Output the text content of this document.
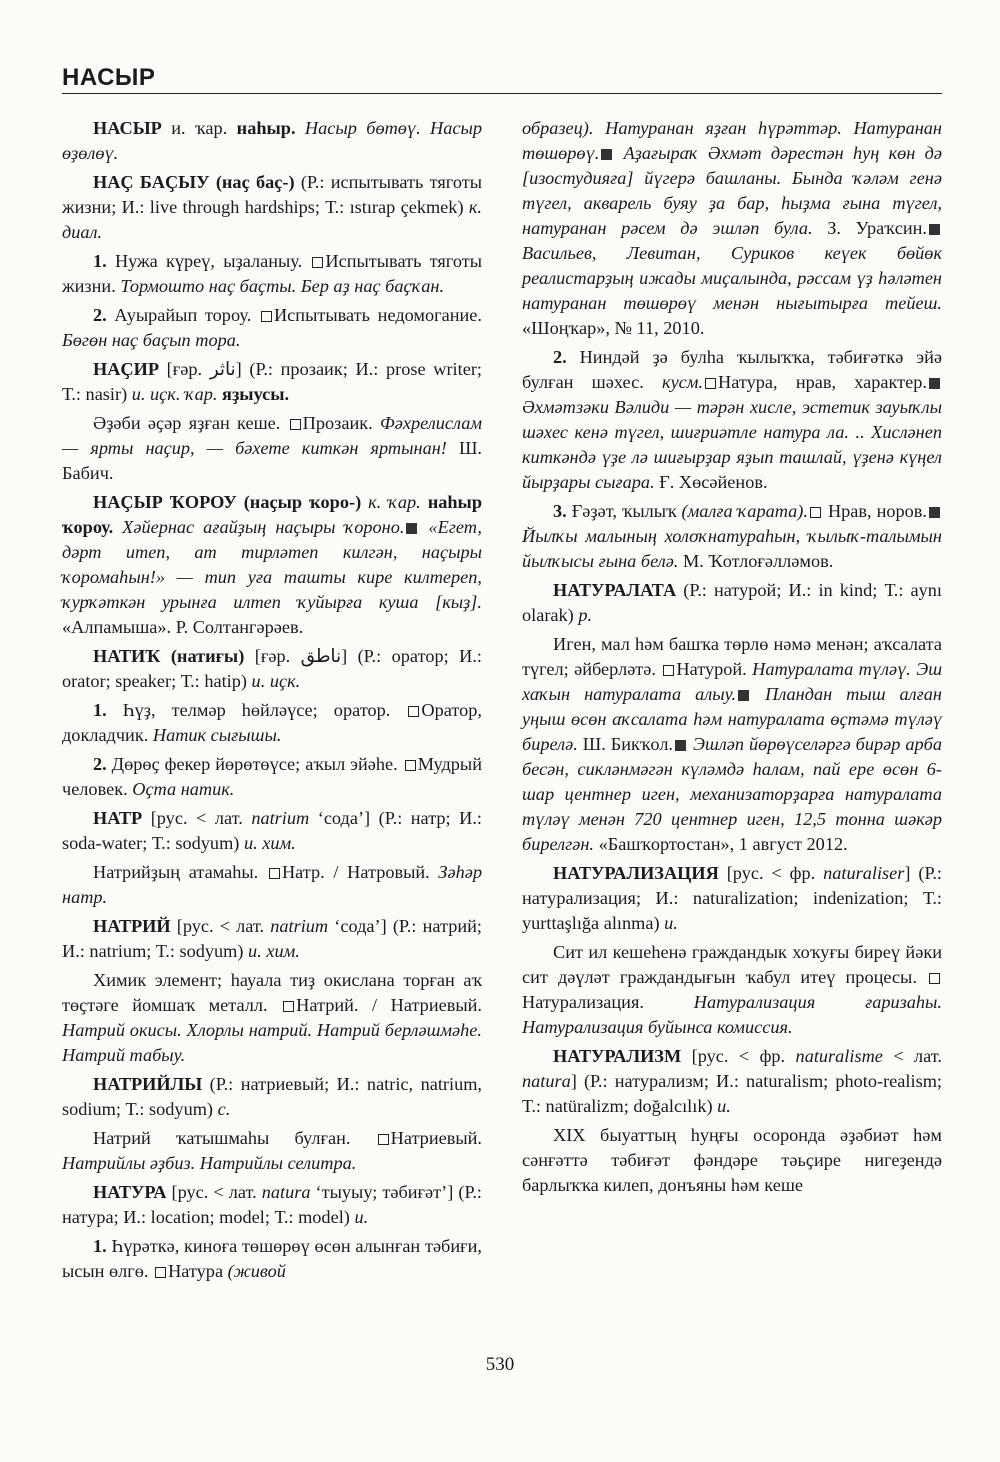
НАСЫР

НАСЫР и. ҡар. наһыр. Насыр бөтөү. Насыр өҙөлөү.

НАҪ БАҪЫУ (наҫ баҫ-) (Р.: испытывать тяготы жизни; И.: live through hardships; Т.: ıstırap çekmek) к. диал.

1. Нужа күреү, ыҙаланыу. Испытывать тяготы жизни. Тормошто наҫ баҫты. Бер аҙ наҫ баҫҡан.

2. Ауырайып тороу. Испытывать недомогание. Бөгөн наҫ баҫып тора.

НАҪИР [ғәр. ناثر] (Р.: прозаик; И.: prose writer; Т.: nasir) и. иҫк. ҡар. яҙыусы.

Әҙәби әҫәр яҙған кеше. Прозаик. Фәхрелислам — ярты наҫир, — бәхете киткән яртынан! Ш. Бабич.

НАҪЫР ҠОРОУ (наҫыр ҡоро-) к. ҡар. наһыр ҡороу. Хәйернас ағайҙың наҫыры ҡороно. «Егет, дәрт итеп, ат тирләтеп килгән, наҫыры ҡоромаһын!» — тип уға ташты кире килтереп, ҡурҡәткән урынға илтеп ҡуйырға куша [кыҙ]. «Алпамыша». Р. Солтангәрәев.

НАТИҠ (натиғы) [ғәр. ناطق] (Р.: оратор; И.: orator; speaker; Т.: hatip) и. иҫк.

1. Һүҙ, телмәр һөйләүсе; оратор. Оратор, докладчик. Натик сығышы.

2. Дөрөҫ фекер йөрөтөүсе; аҡыл эйәһе. Мудрый человек. Оҫта натик.

НАТР [рус. < лат. natrium ‘сода’] (Р.: натр; И.: soda-water; Т.: sodyum) и. хим.

Натрийҙың атамаһы. Натр. / Натровый. Зәһәр натр.

НАТРИЙ [рус. < лат. natrium ‘сода’] (Р.: натрий; И.: natrium; Т.: sodyum) и. хим.

Химик элемент; һауала тиҙ окислана торған аҡ төҫтәге йомшаҡ металл. Натрий. / Натриевый. Натрий окисы. Хлорлы натрий. Натрий берләшмәһе. Натрий табыу.

НАТРИЙЛЫ (Р.: натриевый; И.: natric, natrium, sodium; Т.: sodyum) с.

Натрий ҡатышмаһы булған. Натриевый. Натрийлы әҙбиз. Натрийлы селитра.

НАТУРА [рус. < лат. natura ‘тыуыу; тәбиғәт’] (Р.: натура; И.: location; model; Т.: model) и.

1. Һүрәткә, киноға төшөрөү өсөн алынған тәбиғи, ысын өлгө. Натура (живой

образец). Натуранан яҙған һүрәттәр. Натуранан төшөрөү. Аҙағыраҡ Әхмәт дәрестән һуң көн дә [изостудияға] йүгерә башланы. Бында ҡәләм генә түгел, акварель буяу ҙа бар, һыҙма ғына түгел, натуранан рәсем дә эшләп була. З. Ураҡсин. Васильев, Левитан, Суриков кеүек бөйөк реалистарҙың ижады миҫалында, рәссам үҙ һәләтен натуранан төшөрөү менән нығытырға тейеш. «Шоңҡар», № 11, 2010.

2. Ниндәй ҙә булһа ҡылыҡҡа, тәбиғәткә эйә булған шәхес. кусм. Натура, нрав, характер. Әхмәтзәки Вәлиди — тәрән хисле, эстетик зауыҡлы шәхес кенә түгел, шиғриәтле натура ла. .. Хисләнеп киткәндә үҙе лә шиғырҙар яҙып ташлай, үҙенә күңел йырҙары сығара. Ғ. Хөсәйенов.

3. Ғәҙәт, ҡылыҡ (малға ҡарата). Нрав, норов. Йылҡы малының холоҡнатураһын, ҡылыҡ-талымын йылҡысы ғына белә. М. Ҡотлоғәлләмов.

НАТУРАЛАТА (Р.: натурой; И.: in kind; Т.: aynı olarak) р.

Иген, мал һәм башҡа төрлө нәмә менән; аҡсалата түгел; әйберләтә. Натурой. Натуралата түләү. Эш хаҡын натуралата алыу. Пландан тыш алған уңыш өсөн аҡсалата һәм натуралата өҫтәмә түләү бирелә. Ш. Бикҡол. Эшләп йөрөүселәргә бирәр арба бесән, сикләнмәгән күләмдә һалам, пай ере өсөн 6-шар центнер иген, механизаторҙарға натуралата түләү менән 720 центнер иген, 12,5 тонна шәкәр бирелгән. «Башҡортостан», 1 август 2012.

НАТУРАЛИЗАЦИЯ [рус. < фр. naturaliser] (Р.: натурализация; И.: naturalization; indenization; Т.: yurttaşlığa alınma) и.

Сит ил кешеһенә граждандык хоҡуғы биреү йәки сит дәүләт граждандығын ҡабул итеү процесы. Натурализация. Натурализация ғаризаһы. Натурализация буйынса комиссия.

НАТУРАЛИЗМ [рус. < фр. naturalisme < лат. natura] (Р.: натурализм; И.: naturalism; photo-realism; Т.: natüralizm; doğalcılık) и.

XIX быуаттың һуңғы осоронда әҙәбиәт һәм сәнғәттә тәбиғәт фәндәре тәьҫире нигеҙендә барлыҡҡа килеп, донъяны һәм кеше

530
